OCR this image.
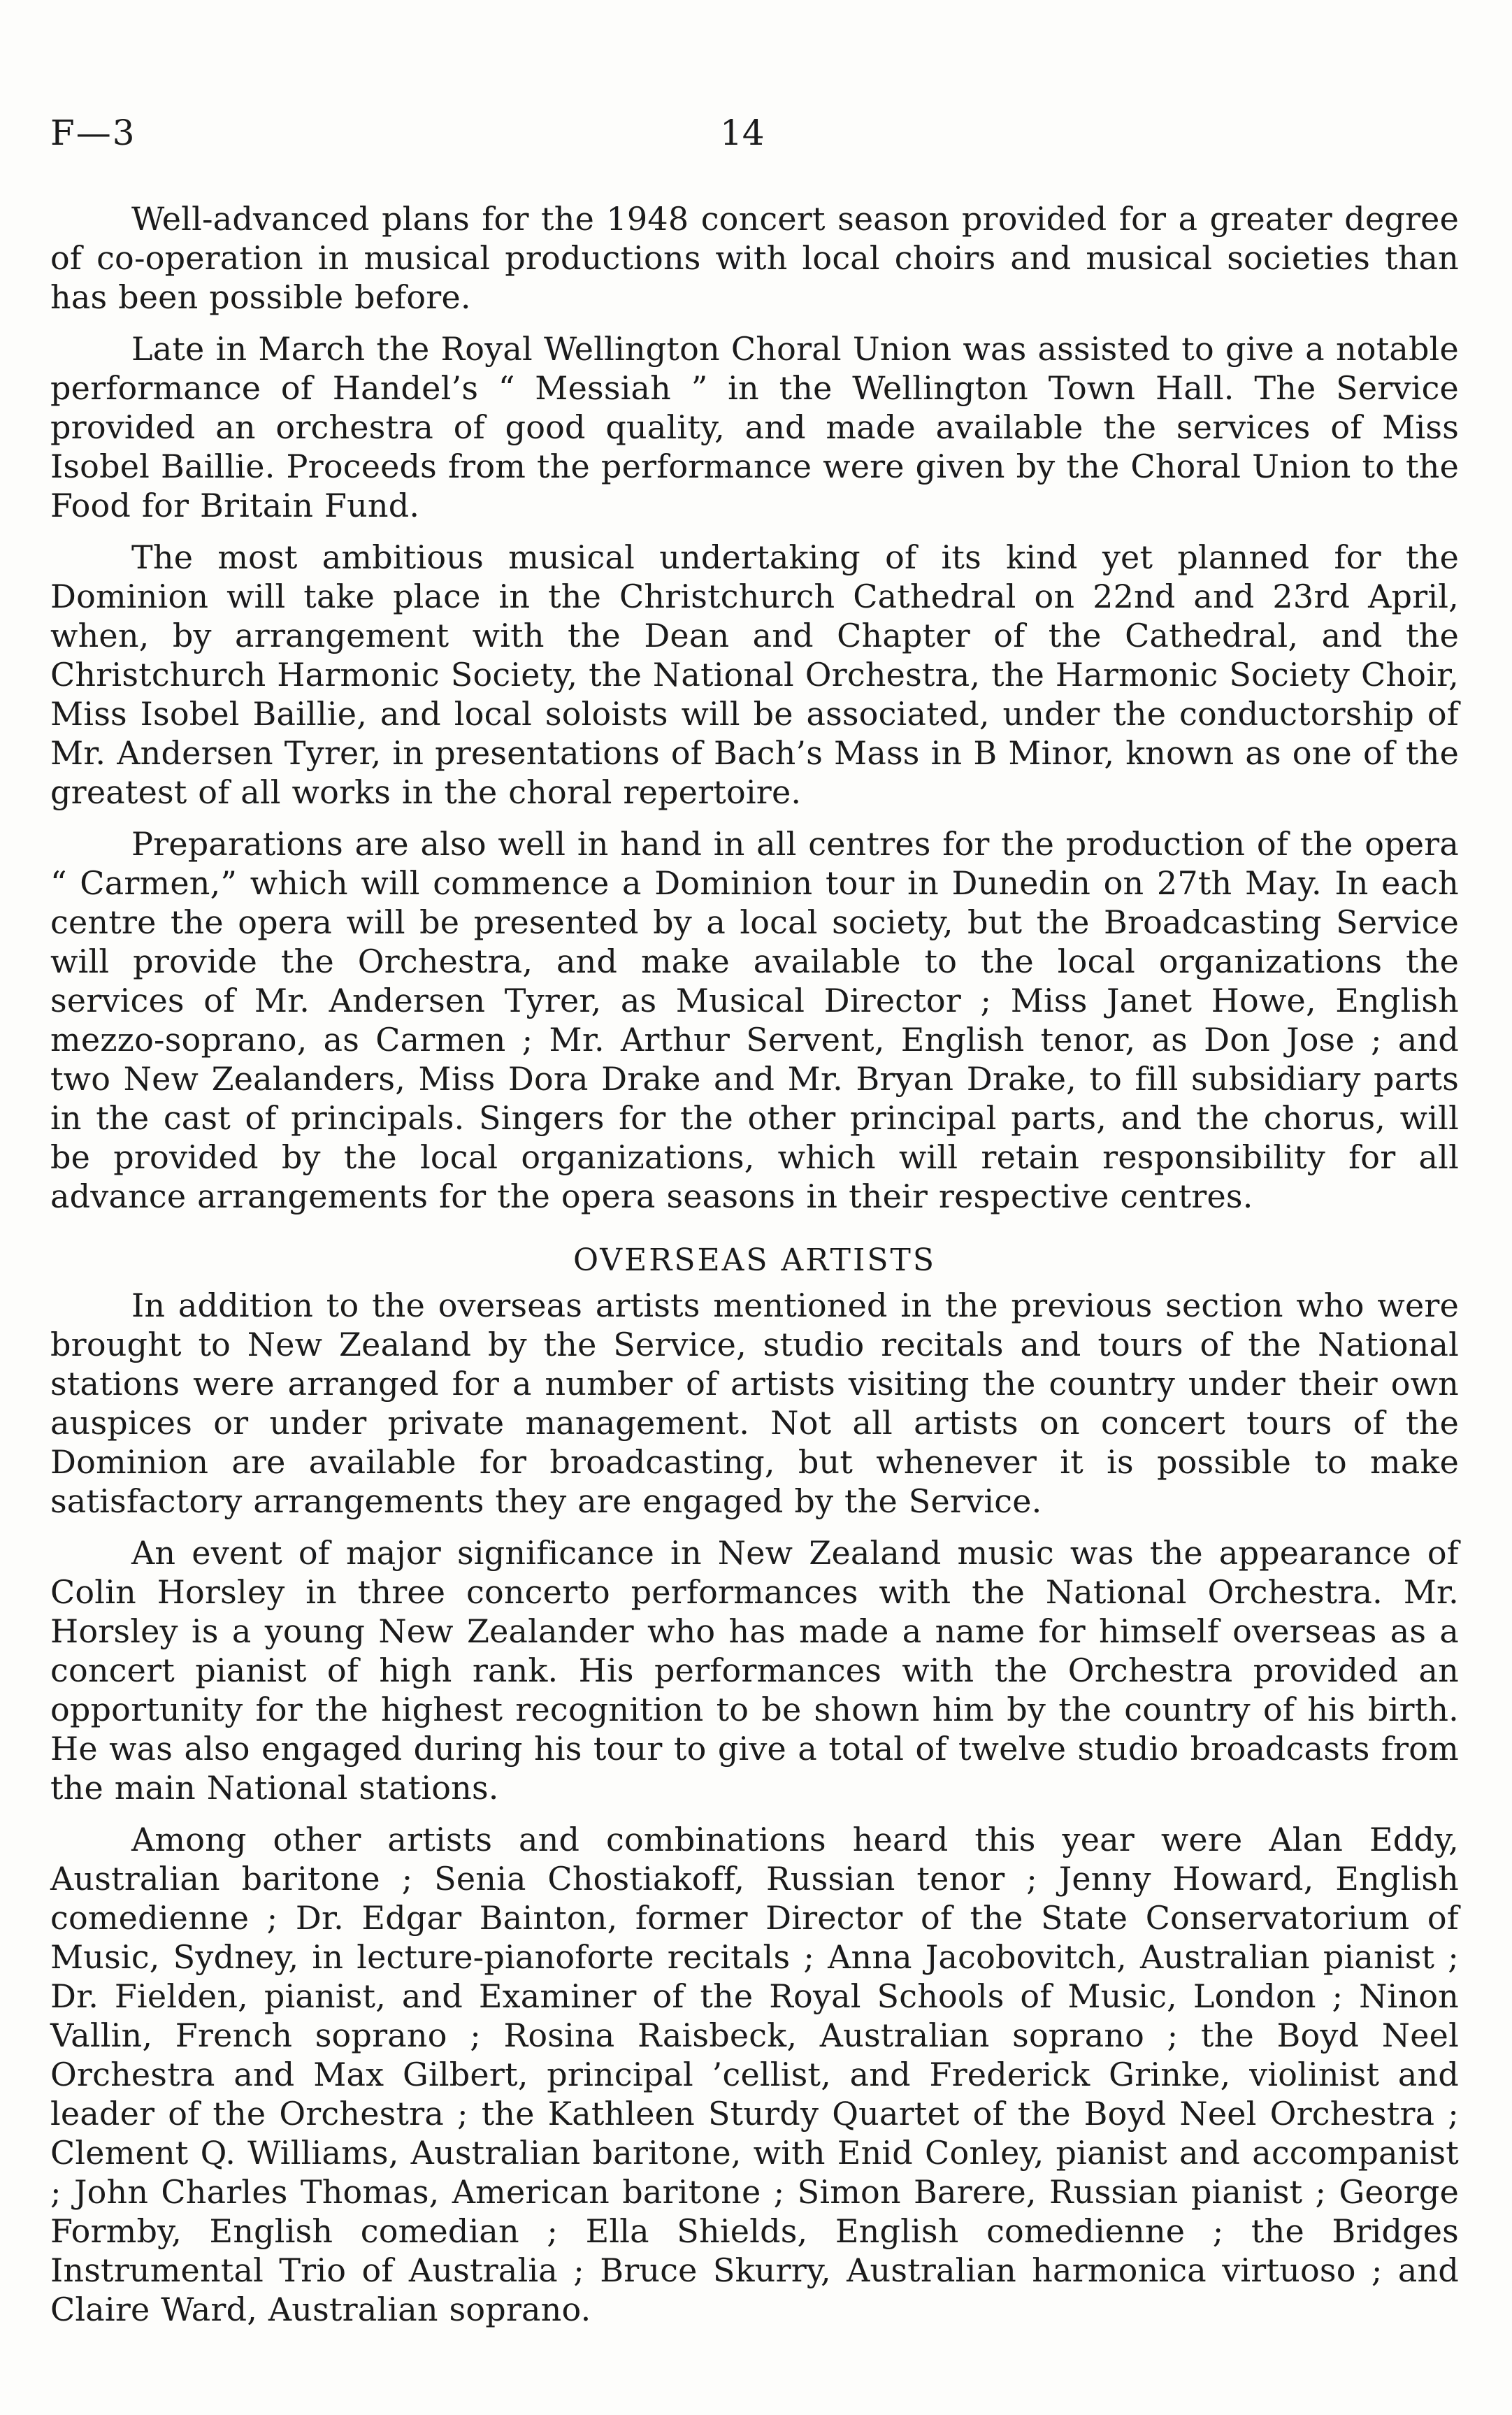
F—3	14

Well-advanced plans for the 1948 concert season provided for a greater degree of co-operation in musical productions with local choirs and musical societies than has been possible before.

Late in March the Royal Wellington Choral Union was assisted to give a notable performance of Handel’s “ Messiah ” in the Wellington Town Hall. The Service provided an orchestra of good quality, and made available the services of Miss Isobel Baillie. Proceeds from the performance were given by the Choral Union to the Food for Britain Fund.

The most ambitious musical undertaking of its kind yet planned for the Dominion will take place in the Christchurch Cathedral on 22nd and 23rd April, when, by arrangement with the Dean and Chapter of the Cathedral, and the Christchurch Harmonic Society, the National Orchestra, the Harmonic Society Choir, Miss Isobel Baillie, and local soloists will be associated, under the conductorship of Mr. Andersen Tyrer, in presentations of Bach’s Mass in B Minor, known as one of the greatest of all works in the choral repertoire.

Preparations are also well in hand in all centres for the production of the opera “ Carmen,” which will commence a Dominion tour in Dunedin on 27th May. In each centre the opera will be presented by a local society, but the Broadcasting Service will provide the Orchestra, and make available to the local organizations the services of Mr. Andersen Tyrer, as Musical Director ; Miss Janet Howe, English mezzo-soprano, as Carmen ; Mr. Arthur Servent, English tenor, as Don Jose ; and two New Zealanders, Miss Dora Drake and Mr. Bryan Drake, to fill subsidiary parts in the cast of principals. Singers for the other principal parts, and the chorus, will be provided by the local organizations, which will retain responsibility for all advance arrangements for the opera seasons in their respective centres.

OVERSEAS ARTISTS

In addition to the overseas artists mentioned in the previous section who were brought to New Zealand by the Service, studio recitals and tours of the National stations were arranged for a number of artists visiting the country under their own auspices or under private management. Not all artists on concert tours of the Dominion are available for broadcasting, but whenever it is possible to make satisfactory arrangements they are engaged by the Service.

An event of major significance in New Zealand music was the appearance of Colin Horsley in three concerto performances with the National Orchestra. Mr. Horsley is a young New Zealander who has made a name for himself overseas as a concert pianist of high rank. His performances with the Orchestra provided an opportunity for the highest recognition to be shown him by the country of his birth. He was also engaged during his tour to give a total of twelve studio broadcasts from the main National stations.

Among other artists and combinations heard this year were Alan Eddy, Australian baritone ; Senia Chostiakoff, Russian tenor ; Jenny Howard, English comedienne ; Dr. Edgar Bainton, former Director of the State Conservatorium of Music, Sydney, in lecture-pianoforte recitals ; Anna Jacobovitch, Australian pianist ; Dr. Fielden, pianist, and Examiner of the Royal Schools of Music, London ; Ninon Vallin, French soprano ; Rosina Raisbeck, Australian soprano ; the Boyd Neel Orchestra and Max Gilbert, principal ’cellist, and Frederick Grinke, violinist and leader of the Orchestra ; the Kathleen Sturdy Quartet of the Boyd Neel Orchestra ; Clement Q. Williams, Australian baritone, with Enid Conley, pianist and accompanist ; John Charles Thomas, American baritone ; Simon Barere, Russian pianist ; George Formby, English comedian ; Ella Shields, English comedienne ; the Bridges Instrumental Trio of Australia ; Bruce Skurry, Australian harmonica virtuoso ; and Claire Ward, Australian soprano.
